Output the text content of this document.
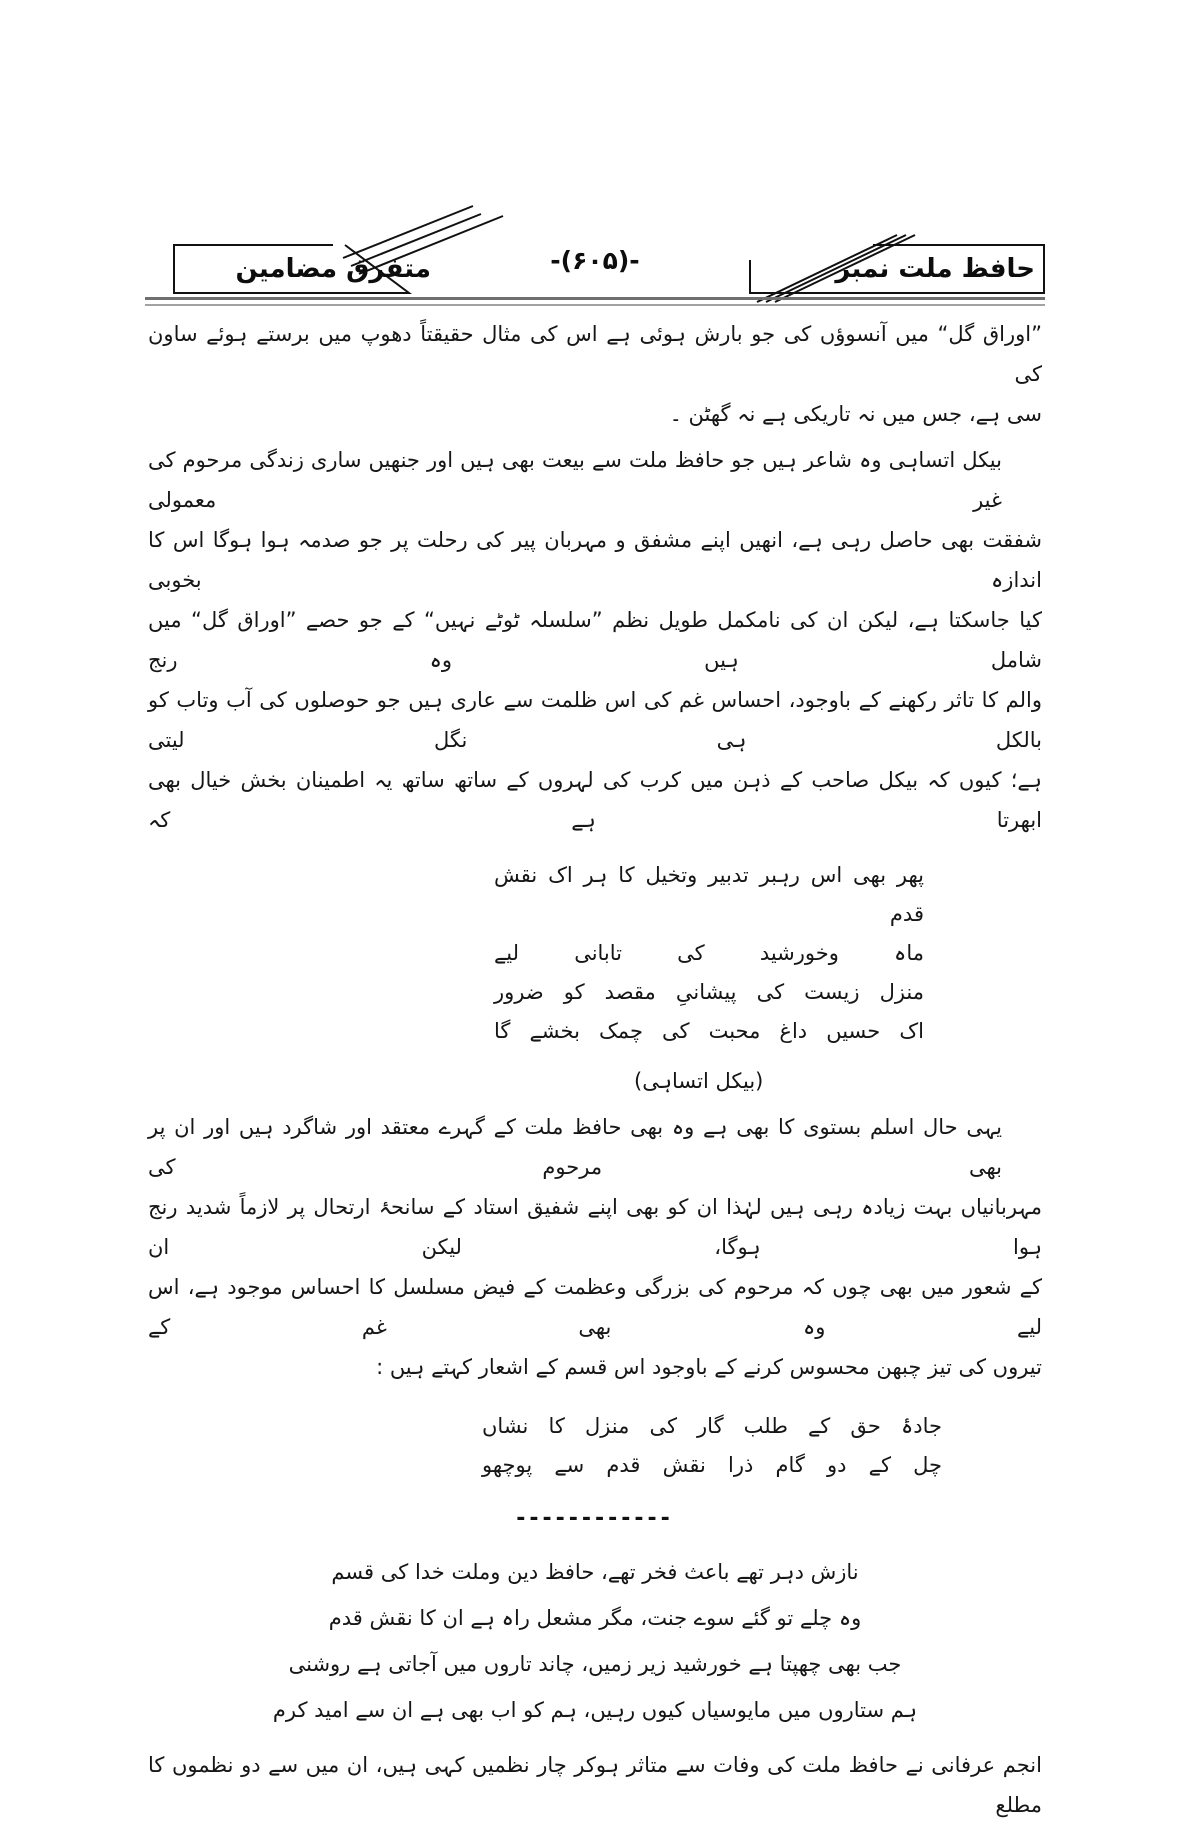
حافظ ملت نمبر
-(۶۰۵)-
متفرق مضامین
”اوراق گل“ میں آنسوؤں کی جو بارش ہوئی ہے اس کی مثال حقیقتاً دھوپ میں برستے ہوئے ساون کی
سی ہے، جس میں نہ تاریکی ہے نہ گھٹن ۔
بیکل اتساہی وہ شاعر ہیں جو حافظ ملت سے بیعت بھی ہیں اور جنھیں ساری زندگی مرحوم کی غیر معمولی
شفقت بھی حاصل رہی ہے، انھیں اپنے مشفق و مہربان پیر کی رحلت پر جو صدمہ ہوا ہوگا اس کا اندازہ بخوبی
کیا جاسکتا ہے، لیکن ان کی نامکمل طویل نظم ”سلسلہ ٹوٹے نہیں“ کے جو حصے ”اوراق گل“ میں شامل ہیں وہ رنج
والم کا تاثر رکھنے کے باوجود، احساس غم کی اس ظلمت سے عاری ہیں جو حوصلوں کی آب وتاب کو بالکل ہی نگل لیتی
ہے؛ کیوں کہ بیکل صاحب کے ذہن میں کرب کی لہروں کے ساتھ ساتھ یہ اطمینان بخش خیال بھی ابھرتا ہے کہ
پھر بھی اس رہبر تدبیر وتخیل کا ہر اک نقش قدم
ماہ وخورشید کی تابانی لیے
منزل زیست کی پیشانیِ مقصد کو ضرور
اک حسیں داغ محبت کی چمک بخشے گا
(بیکل اتساہی)
یہی حال اسلم بستوی کا بھی ہے وہ بھی حافظ ملت کے گہرے معتقد اور شاگرد ہیں اور ان پر بھی مرحوم کی
مہربانیاں بہت زیادہ رہی ہیں لہٰذا ان کو بھی اپنے شفیق استاد کے سانحۂ ارتحال پر لازماً شدید رنج ہوا ہوگا، لیکن ان
کے شعور میں بھی چوں کہ مرحوم کی بزرگی وعظمت کے فیض مسلسل کا احساس موجود ہے، اس لیے وہ بھی غم کے
تیروں کی تیز چبھن محسوس کرنے کے باوجود اس قسم کے اشعار کہتے ہیں :
جادۂ حق کے طلب گار کی منزل کا نشاں
چل کے دو گام ذرا نقش قدم سے پوچھو
------------
نازش دہر تھے باعث فخر تھے، حافظ دین وملت خدا کی قسم
وہ چلے تو گئے سوے جنت، مگر مشعل راہ ہے ان کا نقش قدم
جب بھی چھپتا ہے خورشید زیر زمیں، چاند تاروں میں آجاتی ہے روشنی
ہم ستاروں میں مایوسیاں کیوں رہیں، ہم کو اب بھی ہے ان سے امید کرم
انجم عرفانی نے حافظ ملت کی وفات سے متاثر ہوکر چار نظمیں کہی ہیں، ان میں سے دو نظموں کا مطلع
